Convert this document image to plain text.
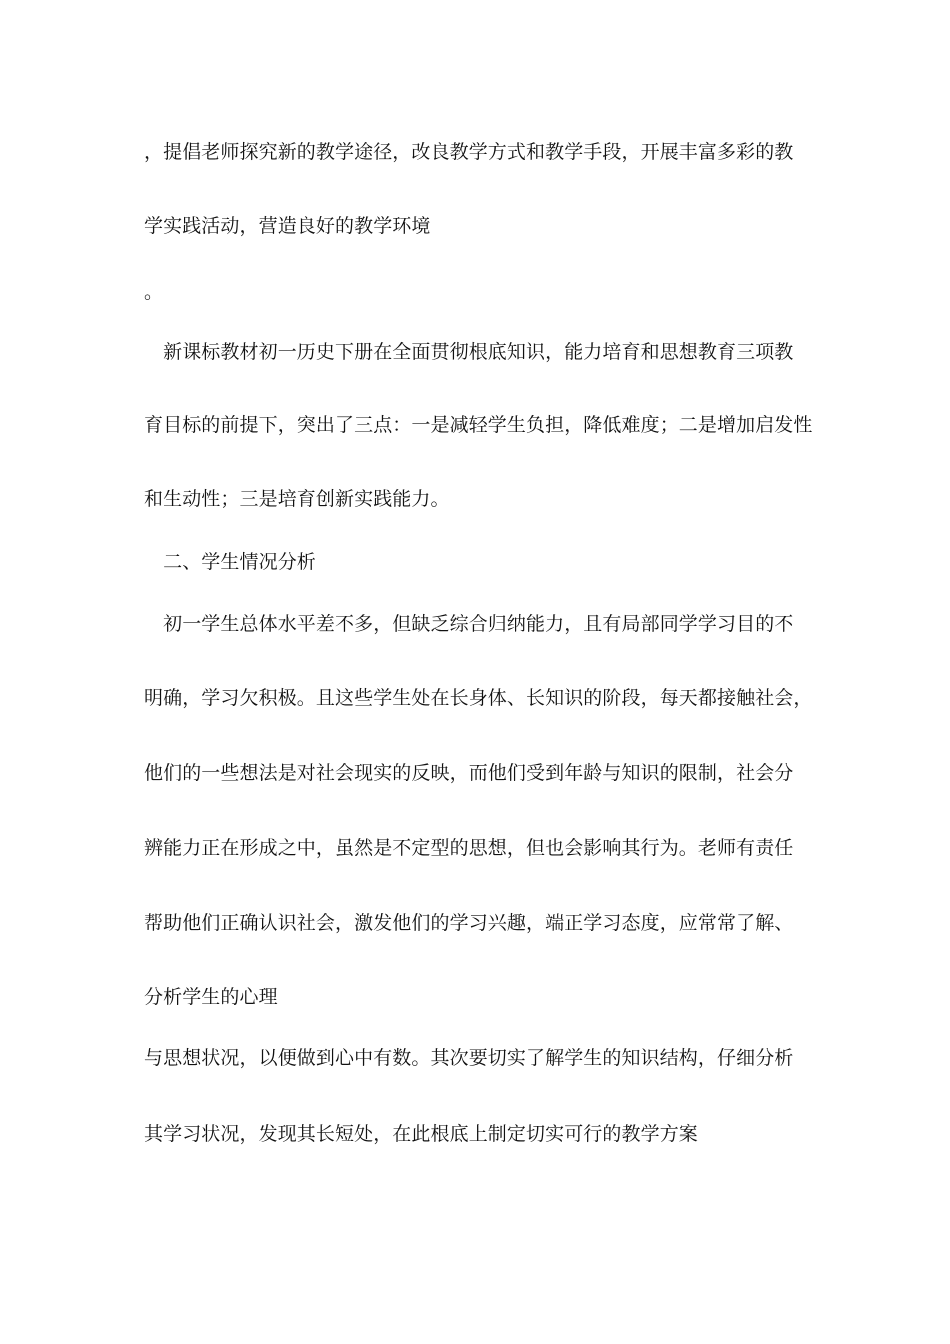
，提倡老师探究新的教学途径，改良教学方式和教学手段，开展丰富多彩的教
学实践活动，营造良好的教学环境
。
　新课标教材初一历史下册在全面贯彻根底知识，能力培育和思想教育三项教
育目标的前提下，突出了三点：一是减轻学生负担，降低难度；二是增加启发性
和生动性；三是培育创新实践能力。
　二、学生情况分析
　初一学生总体水平差不多，但缺乏综合归纳能力，且有局部同学学习目的不
明确，学习欠积极。且这些学生处在长身体、长知识的阶段，每天都接触社会，
他们的一些想法是对社会现实的反映，而他们受到年龄与知识的限制，社会分
辨能力正在形成之中，虽然是不定型的思想，但也会影响其行为。老师有责任
帮助他们正确认识社会，激发他们的学习兴趣，端正学习态度，应常常了解、
分析学生的心理
与思想状况，以便做到心中有数。其次要切实了解学生的知识结构，仔细分析
其学习状况，发现其长短处，在此根底上制定切实可行的教学方案
